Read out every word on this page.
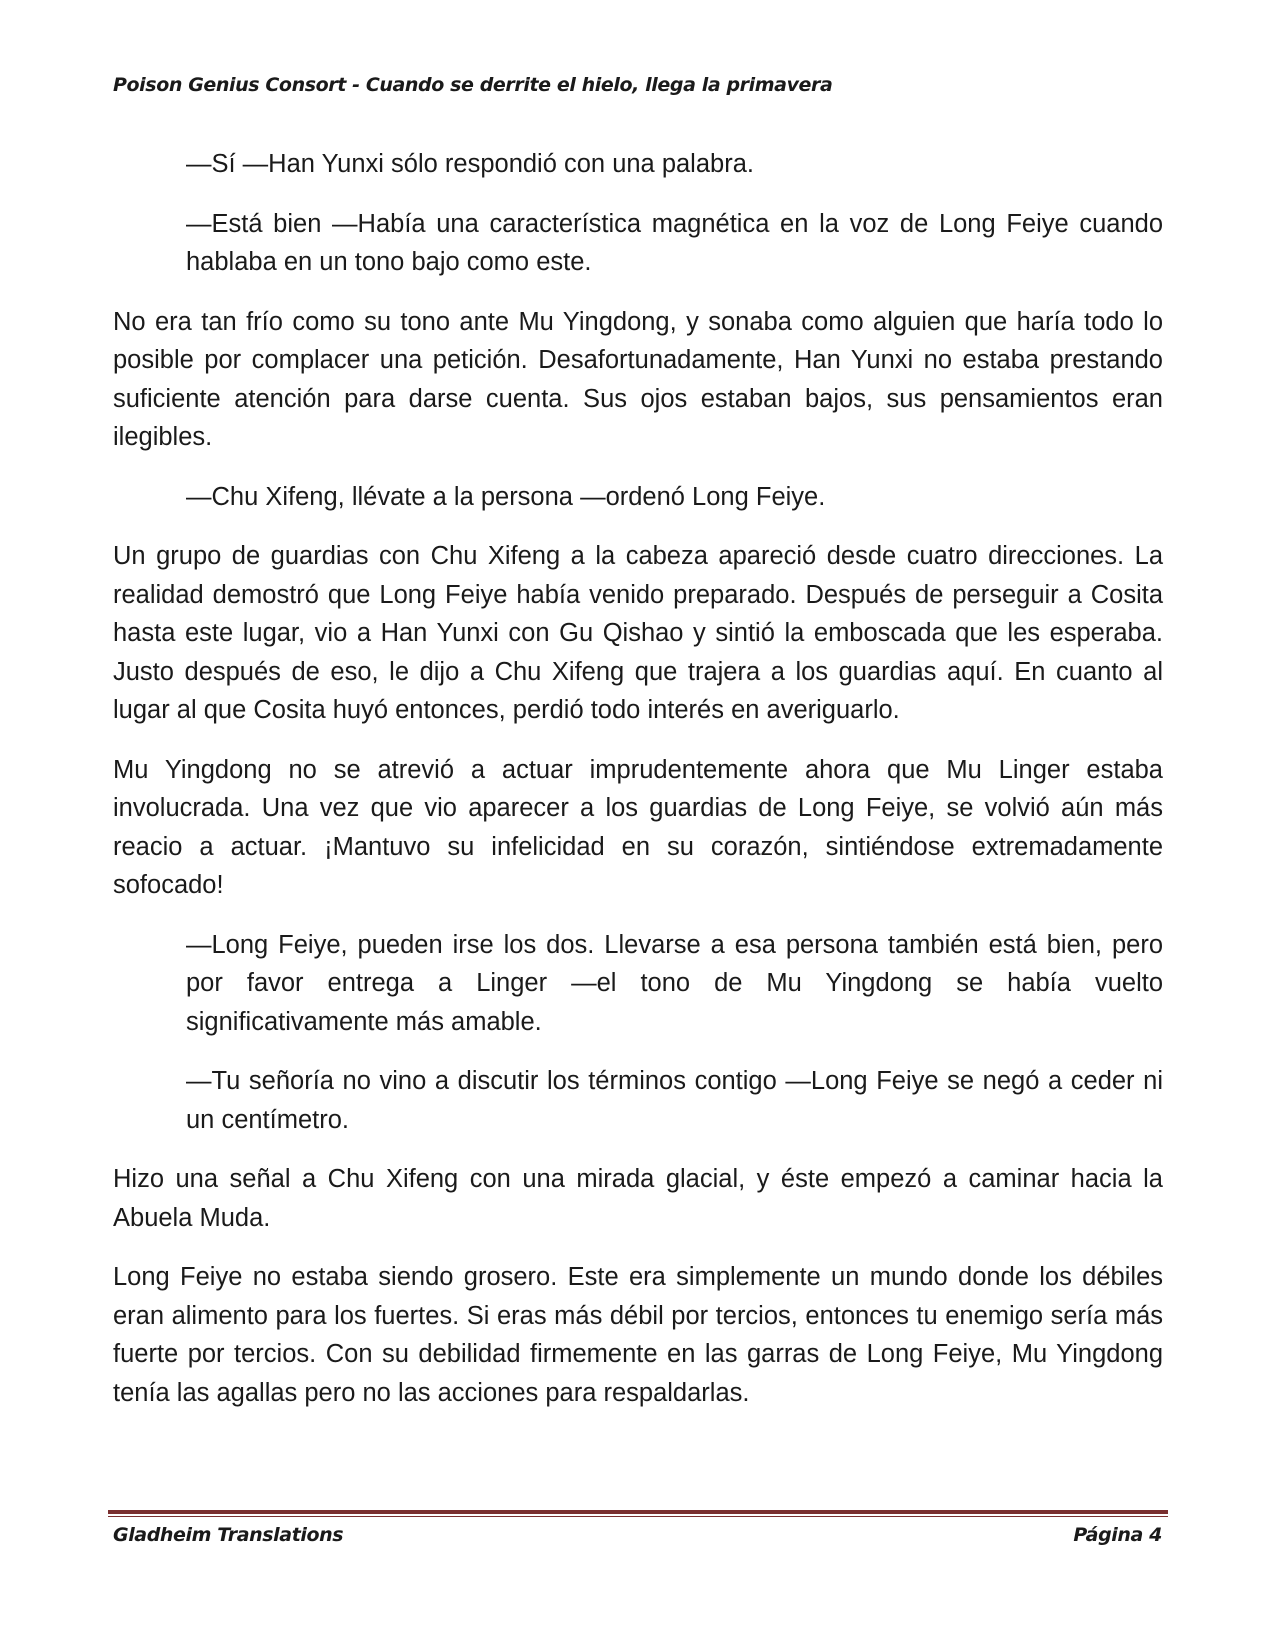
Poison Genius Consort - Cuando se derrite el hielo, llega la primavera

—Sí —Han Yunxi sólo respondió con una palabra.

—Está bien —Había una característica magnética en la voz de Long Feiye cuando hablaba en un tono bajo como este.

No era tan frío como su tono ante Mu Yingdong, y sonaba como alguien que haría todo lo posible por complacer una petición. Desafortunadamente, Han Yunxi no estaba prestando suficiente atención para darse cuenta. Sus ojos estaban bajos, sus pensamientos eran ilegibles.

—Chu Xifeng, llévate a la persona —ordenó Long Feiye.

Un grupo de guardias con Chu Xifeng a la cabeza apareció desde cuatro direcciones. La realidad demostró que Long Feiye había venido preparado. Después de perseguir a Cosita hasta este lugar, vio a Han Yunxi con Gu Qishao y sintió la emboscada que les esperaba. Justo después de eso, le dijo a Chu Xifeng que trajera a los guardias aquí. En cuanto al lugar al que Cosita huyó entonces, perdió todo interés en averiguarlo.

Mu Yingdong no se atrevió a actuar imprudentemente ahora que Mu Linger estaba involucrada. Una vez que vio aparecer a los guardias de Long Feiye, se volvió aún más reacio a actuar. ¡Mantuvo su infelicidad en su corazón, sintiéndose extremadamente sofocado!

—Long Feiye, pueden irse los dos. Llevarse a esa persona también está bien, pero por favor entrega a Linger —el tono de Mu Yingdong se había vuelto significativamente más amable.

—Tu señoría no vino a discutir los términos contigo —Long Feiye se negó a ceder ni un centímetro.

Hizo una señal a Chu Xifeng con una mirada glacial, y éste empezó a caminar hacia la Abuela Muda.

Long Feiye no estaba siendo grosero. Este era simplemente un mundo donde los débiles eran alimento para los fuertes. Si eras más débil por tercios, entonces tu enemigo sería más fuerte por tercios. Con su debilidad firmemente en las garras de Long Feiye, Mu Yingdong tenía las agallas pero no las acciones para respaldarlas.

Gladheim Translations	Página 4
